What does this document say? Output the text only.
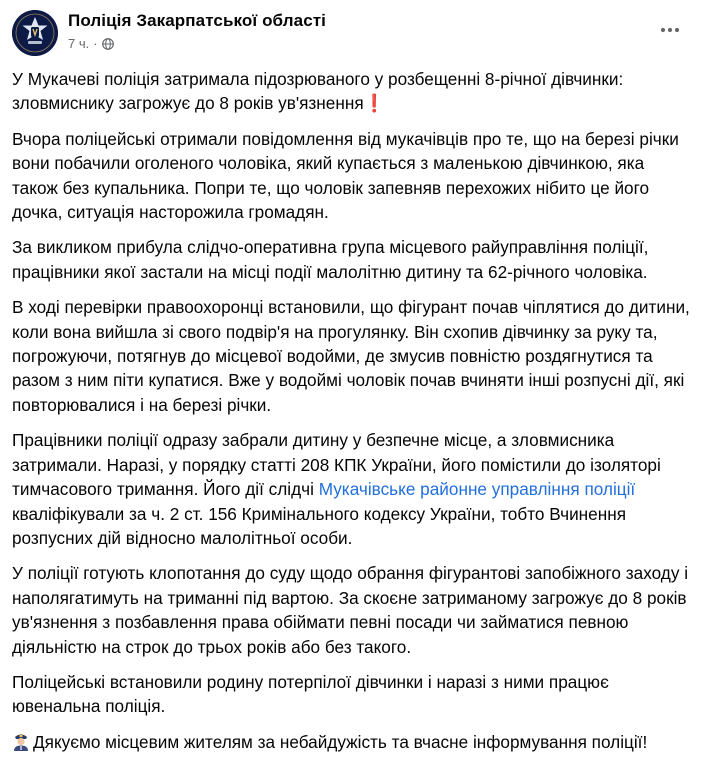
Поліція Закарпатської області
7 ч. ·

У Мукачеві поліція затримала підозрюваного у розбещенні 8-річної дівчинки: зловмиснику загрожує до 8 років ув'язнення❗

Вчора поліцейські отримали повідомлення від мукачівців про те, що на березі річки вони побачили оголеного чоловіка, який купається з маленькою дівчинкою, яка також без купальника. Попри те, що чоловік запевняв перехожих нібито це його дочка, ситуація насторожила громадян.

За викликом прибула слідчо-оперативна група місцевого райуправління поліції, працівники якої застали на місці події малолітню дитину та 62-річного чоловіка.

В ході перевірки правоохоронці встановили, що фігурант почав чіплятися до дитини, коли вона вийшла зі свого подвір'я на прогулянку. Він схопив дівчинку за руку та, погрожуючи, потягнув до місцевої водойми, де змусив повністю роздягнутися та разом з ним піти купатися. Вже у водоймі чоловік почав вчиняти інші розпусні дії, які повторювалися і на березі річки.

Працівники поліції одразу забрали дитину у безпечне місце, а зловмисника затримали. Наразі, у порядку статті 208 КПК України, його помістили до ізоляторі тимчасового тримання. Його дії слідчі Мукачівське районне управління поліції кваліфікували за ч. 2 ст. 156 Кримінального кодексу України, тобто Вчинення розпусних дій відносно малолітньої особи.

У поліції готують клопотання до суду щодо обрання фігурантові запобіжного заходу і наполягатимуть на триманні під вартою. За скоєне затриманому загрожує до 8 років ув'язнення з позбавлення права обіймати певні посади чи займатися певною діяльністю на строк до трьох років або без такого.

Поліцейські встановили родину потерпілої дівчинки і наразі з ними працює ювенальна поліція.

Дякуємо місцевим жителям за небайдужість та вчасне інформування поліції!
